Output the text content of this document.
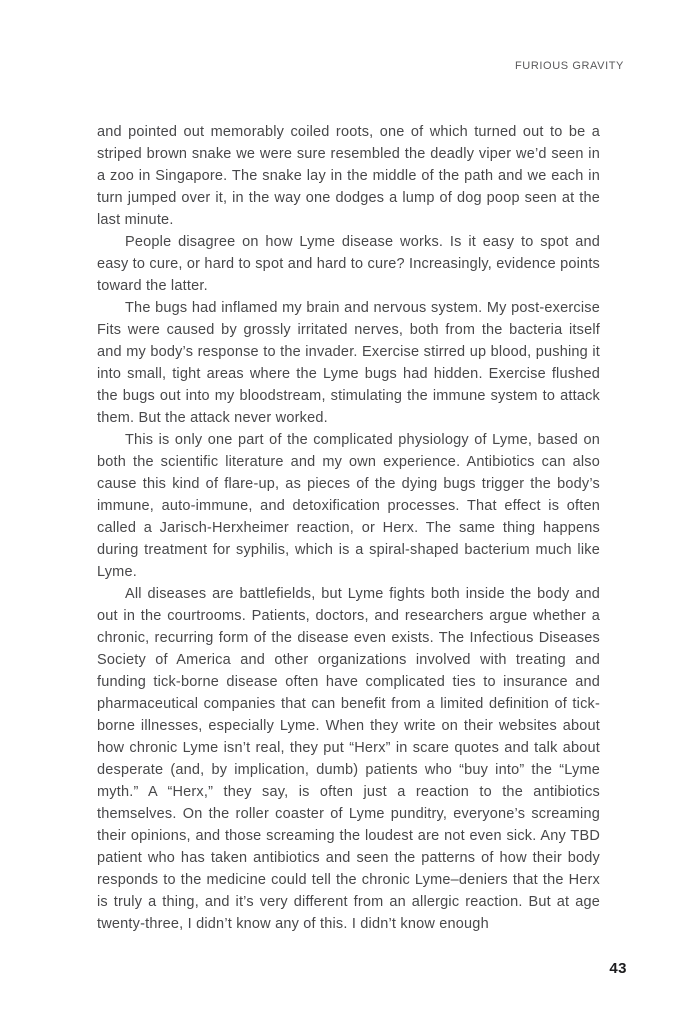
FURIOUS GRAVITY

and pointed out memorably coiled roots, one of which turned out to be a striped brown snake we were sure resembled the deadly viper we’d seen in a zoo in Singapore. The snake lay in the middle of the path and we each in turn jumped over it, in the way one dodges a lump of dog poop seen at the last minute.

People disagree on how Lyme disease works. Is it easy to spot and easy to cure, or hard to spot and hard to cure? Increasingly, evidence points toward the latter.

The bugs had inflamed my brain and nervous system. My post-exercise Fits were caused by grossly irritated nerves, both from the bacteria itself and my body’s response to the invader. Exercise stirred up blood, pushing it into small, tight areas where the Lyme bugs had hidden. Exercise flushed the bugs out into my bloodstream, stimulating the immune system to attack them. But the attack never worked.

This is only one part of the complicated physiology of Lyme, based on both the scientific literature and my own experience. Antibiotics can also cause this kind of flare-up, as pieces of the dying bugs trigger the body’s immune, auto-immune, and detoxification processes. That effect is often called a Jarisch-Herxheimer reaction, or Herx. The same thing happens during treatment for syphilis, which is a spiral-shaped bacterium much like Lyme.

All diseases are battlefields, but Lyme fights both inside the body and out in the courtrooms. Patients, doctors, and researchers argue whether a chronic, recurring form of the disease even exists. The Infectious Diseases Society of America and other organizations involved with treating and funding tick-borne disease often have complicated ties to insurance and pharmaceutical companies that can benefit from a limited definition of tick-borne illnesses, especially Lyme. When they write on their websites about how chronic Lyme isn’t real, they put “Herx” in scare quotes and talk about desperate (and, by implication, dumb) patients who “buy into” the “Lyme myth.” A “Herx,” they say, is often just a reaction to the antibiotics themselves. On the roller coaster of Lyme punditry, everyone’s screaming their opinions, and those screaming the loudest are not even sick. Any TBD patient who has taken antibiotics and seen the patterns of how their body responds to the medicine could tell the chronic Lyme–deniers that the Herx is truly a thing, and it’s very different from an allergic reaction. But at age twenty-three, I didn’t know any of this. I didn’t know enough

43
